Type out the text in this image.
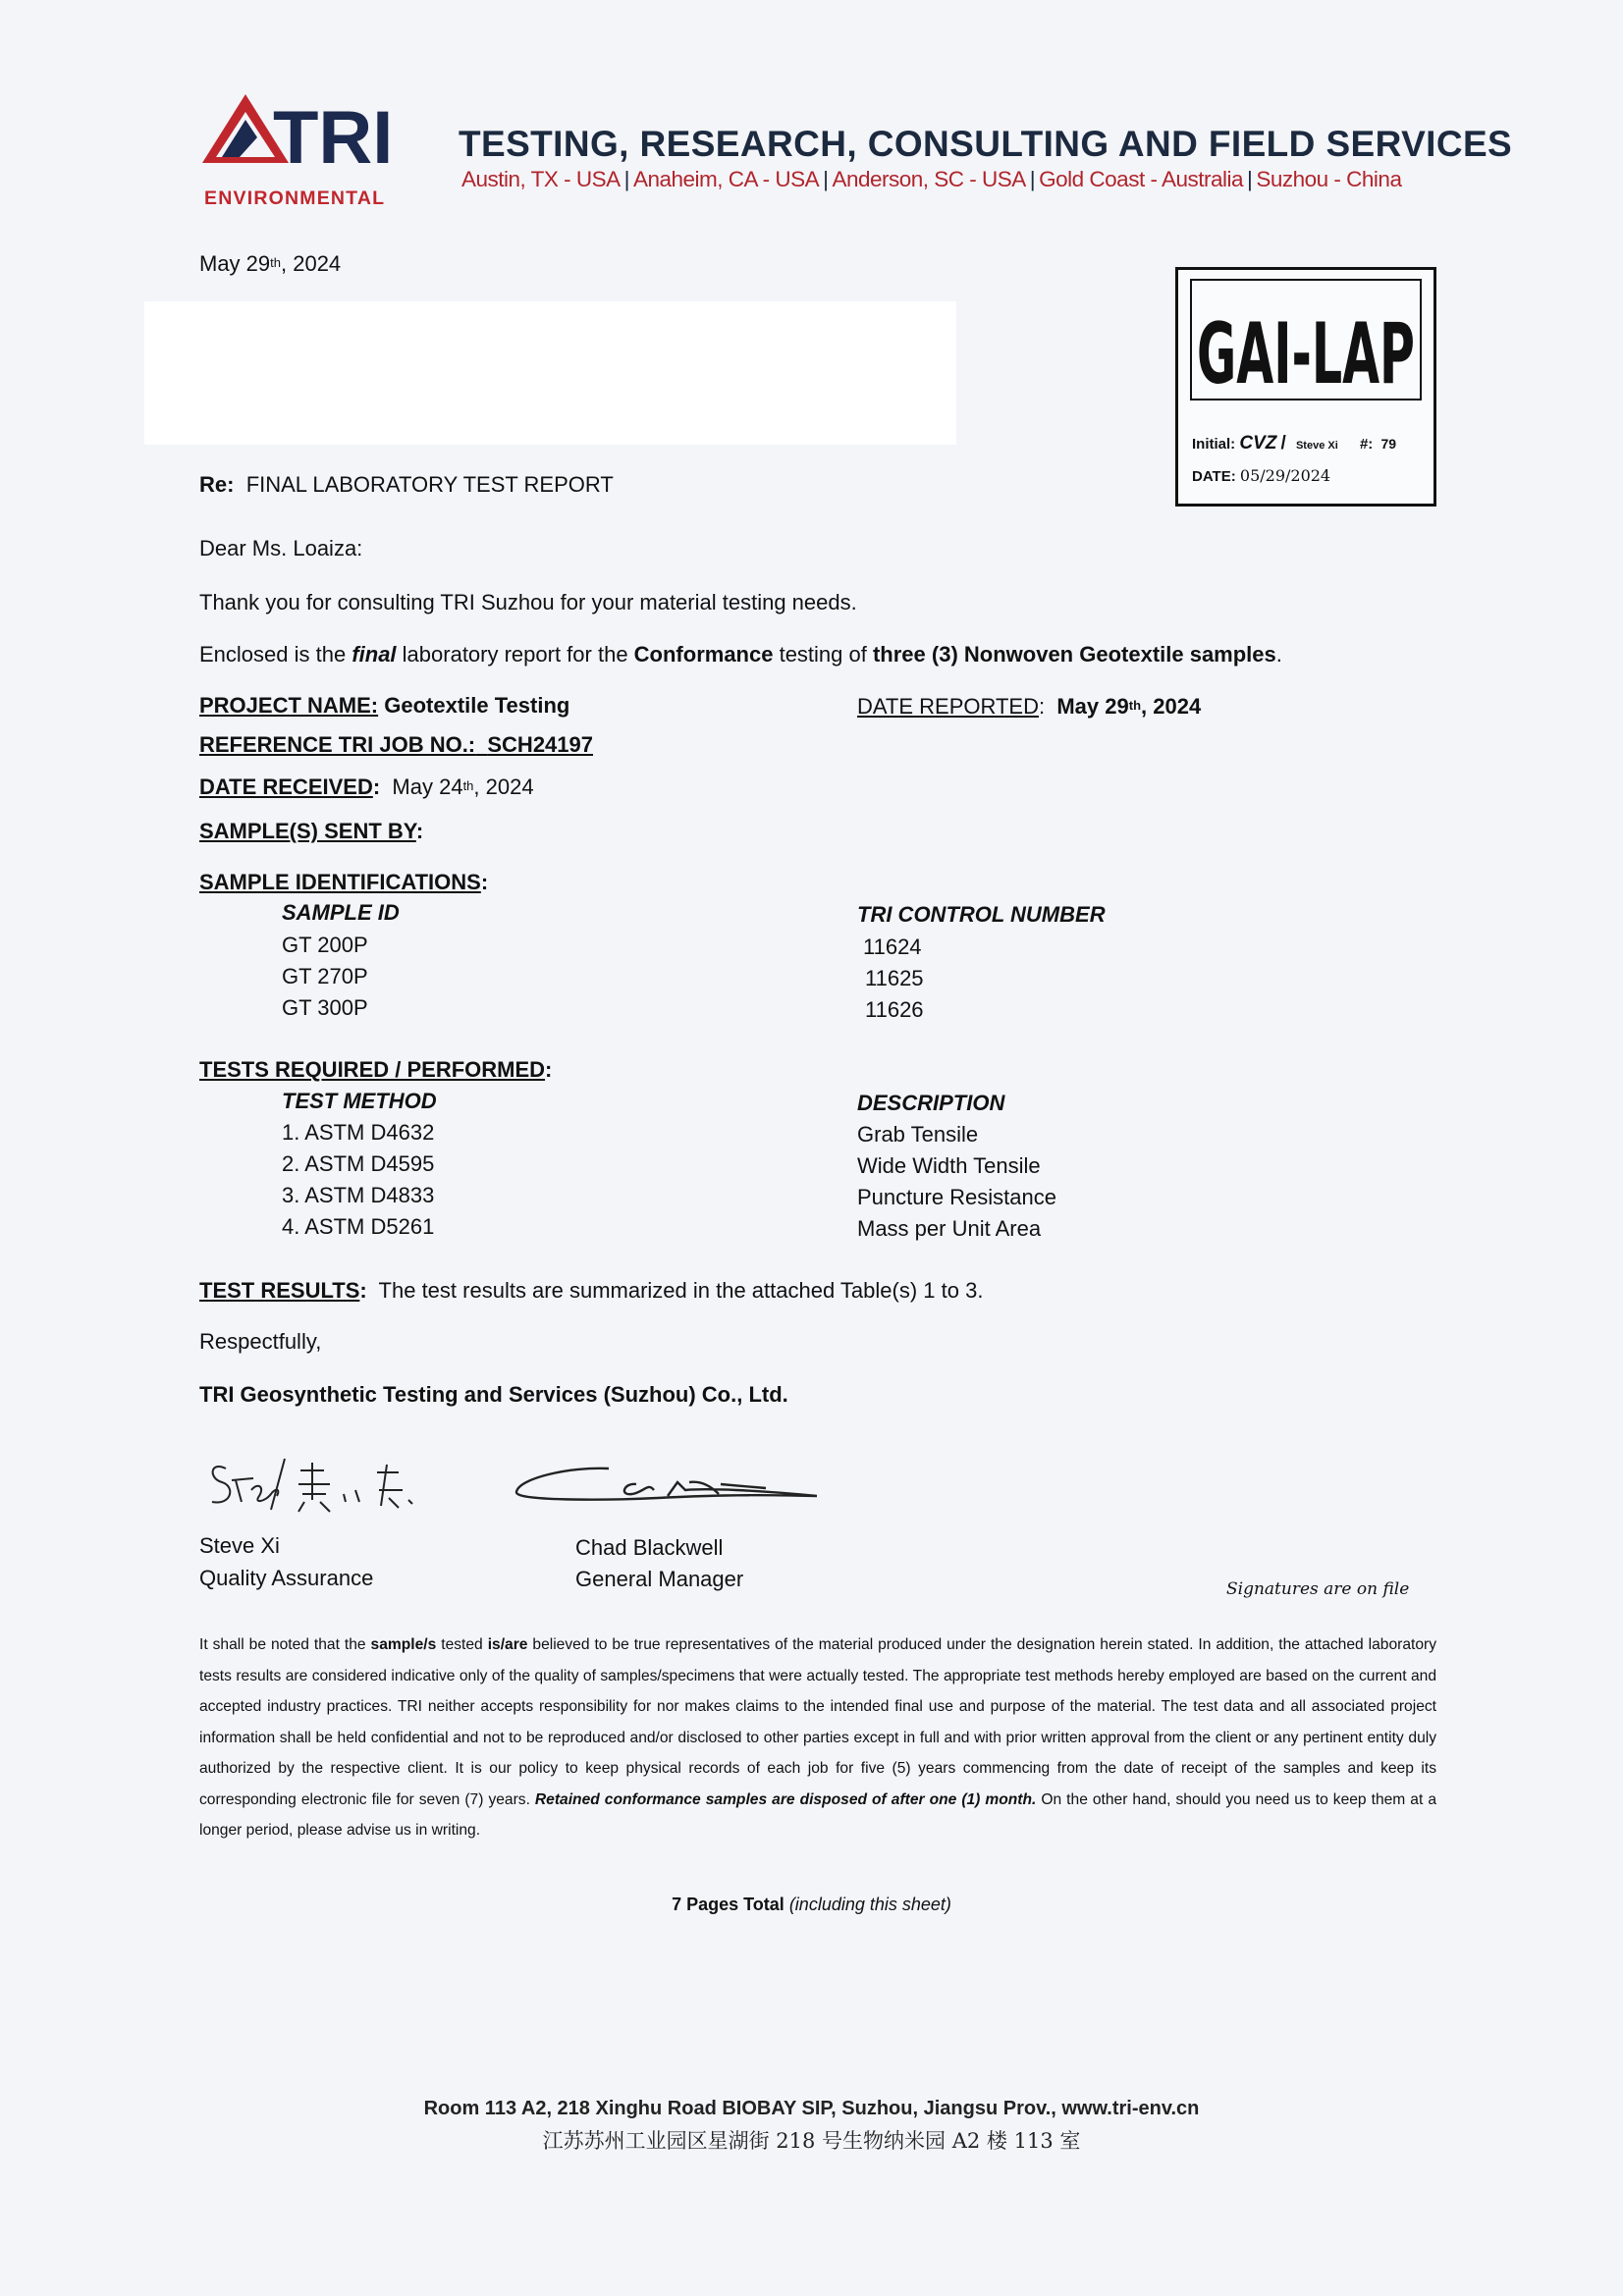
TRI
ENVIRONMENTAL
TESTING, RESEARCH, CONSULTING AND FIELD SERVICES
Austin, TX - USA | Anaheim, CA - USA | Anderson, SC - USA | Gold Coast - Australia | Suzhou - China
May 29th, 2024
GAI-LAP
Initial: CVZ / Steve Xi #: 79
DATE: 05/29/2024
Re: FINAL LABORATORY TEST REPORT
Dear Ms. Loaiza:
Thank you for consulting TRI Suzhou for your material testing needs.
Enclosed is the final laboratory report for the Conformance testing of three (3) Nonwoven Geotextile samples.
PROJECT NAME: Geotextile Testing	DATE REPORTED: May 29th, 2024
REFERENCE TRI JOB NO.: SCH24197
DATE RECEIVED: May 24th, 2024
SAMPLE(S) SENT BY:
SAMPLE IDENTIFICATIONS:
SAMPLE ID	TRI CONTROL NUMBER
GT 200P	11624
GT 270P	11625
GT 300P	11626
TESTS REQUIRED / PERFORMED:
TEST METHOD	DESCRIPTION
1. ASTM D4632	Grab Tensile
2. ASTM D4595	Wide Width Tensile
3. ASTM D4833	Puncture Resistance
4. ASTM D5261	Mass per Unit Area
TEST RESULTS: The test results are summarized in the attached Table(s) 1 to 3.
Respectfully,
TRI Geosynthetic Testing and Services (Suzhou) Co., Ltd.
Steve Xi
Quality Assurance
Chad Blackwell
General Manager	Signatures are on file
It shall be noted that the sample/s tested is/are believed to be true representatives of the material produced under the designation herein stated. In addition, the attached laboratory tests results are considered indicative only of the quality of samples/specimens that were actually tested. The appropriate test methods hereby employed are based on the current and accepted industry practices. TRI neither accepts responsibility for nor makes claims to the intended final use and purpose of the material. The test data and all associated project information shall be held confidential and not to be reproduced and/or disclosed to other parties except in full and with prior written approval from the client or any pertinent entity duly authorized by the respective client. It is our policy to keep physical records of each job for five (5) years commencing from the date of receipt of the samples and keep its corresponding electronic file for seven (7) years. Retained conformance samples are disposed of after one (1) month. On the other hand, should you need us to keep them at a longer period, please advise us in writing.
7 Pages Total (including this sheet)
Room 113 A2, 218 Xinghu Road BIOBAY SIP, Suzhou, Jiangsu Prov., www.tri-env.cn
江苏苏州工业园区星湖街 218 号生物纳米园 A2 楼 113 室
